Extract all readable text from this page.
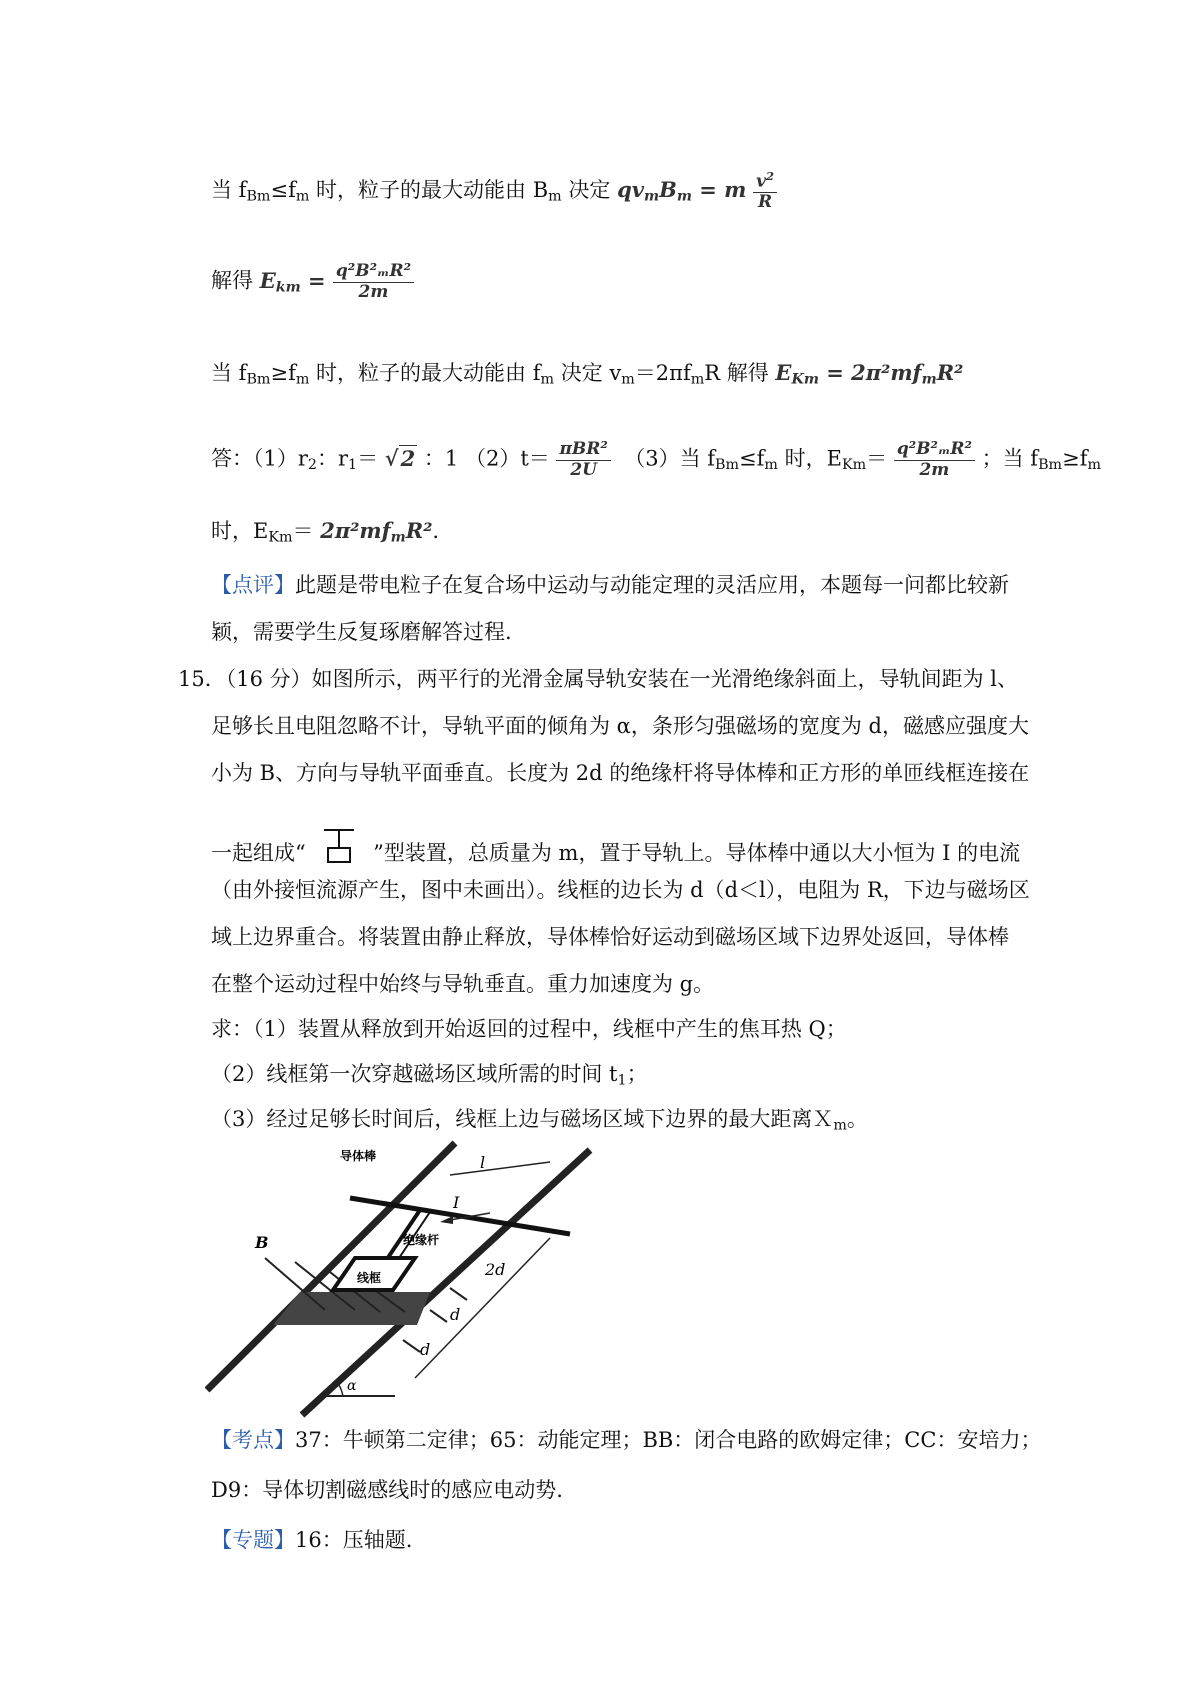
当 $f_{Bm}\le f_m$ 时，粒子的最大动能由 $B_m$ 决定 $qv_mB_m = m \frac{v^2}{R}$
解得 $E_{km} = \frac{\text{q²B²ₘR²}}{2m}$
当 $f_{Bm}\ge f_m$ 时，粒子的最大动能由 $f_m$ 决定 $v_m=2\pi f_mR$ 解得 $E_{Km} = 2\pi^2mf_mR^2$
答：$(1)r_2$：$r_1= √2$ ：1 $(2)t= \frac{\text{πBR²}}{2U} (3)$当 $f_{Bm}\le f_m$ 时，$E_{Km}= \frac{\text{q²B²ₘR²}}{2m}$ ；当 $f_{Bm}\ge f_m$
时，$E_{Km}= 2\pi^2mf_mR^2$.
【点评】此题是带电粒子在复合场中运动与动能定理的灵活应用，本题每一问都比较新
颖，需要学生反复琢磨解答过程.
15．（16 分）如图所示，两平行的光滑金属导轨安装在一光滑绝缘斜面上，导轨间距为 l、
足够长且电阻忽略不计，导轨平面的倾角为 α，条形匀强磁场的宽度为 d，磁感应强度大
小为 B、方向与导轨平面垂直。长度为 2d 的绝缘杆将导体棒和正方形的单匝线框连接在
一起组成“	”型装置，总质量为 m，置于导轨上。导体棒中通以大小恒为 I 的电流
（由外接恒流源产生，图中未画出）。线框的边长为 d（d＜l），电阻为 R，下边与磁场区
域上边界重合。将装置由静止释放，导体棒恰好运动到磁场区域下边界处返回，导体棒
在整个运动过程中始终与导轨垂直。重力加速度为 g。
求：（1）装置从释放到开始返回的过程中，线框中产生的焦耳热 Q；
（2）线框第一次穿越磁场区域所需的时间 $t_1$；
（3）经过足够长时间后，线框上边与磁场区域下边界的最大距离Ｘ$_m$。
导体棒	l
I
B	绝缘杆
线框	2d
d
d
α
【考点】37：牛顿第二定律；65：动能定理；BB：闭合电路的欧姆定律；CC：安培力；
D9：导体切割磁感线时的感应电动势.
【专题】16：压轴题.
